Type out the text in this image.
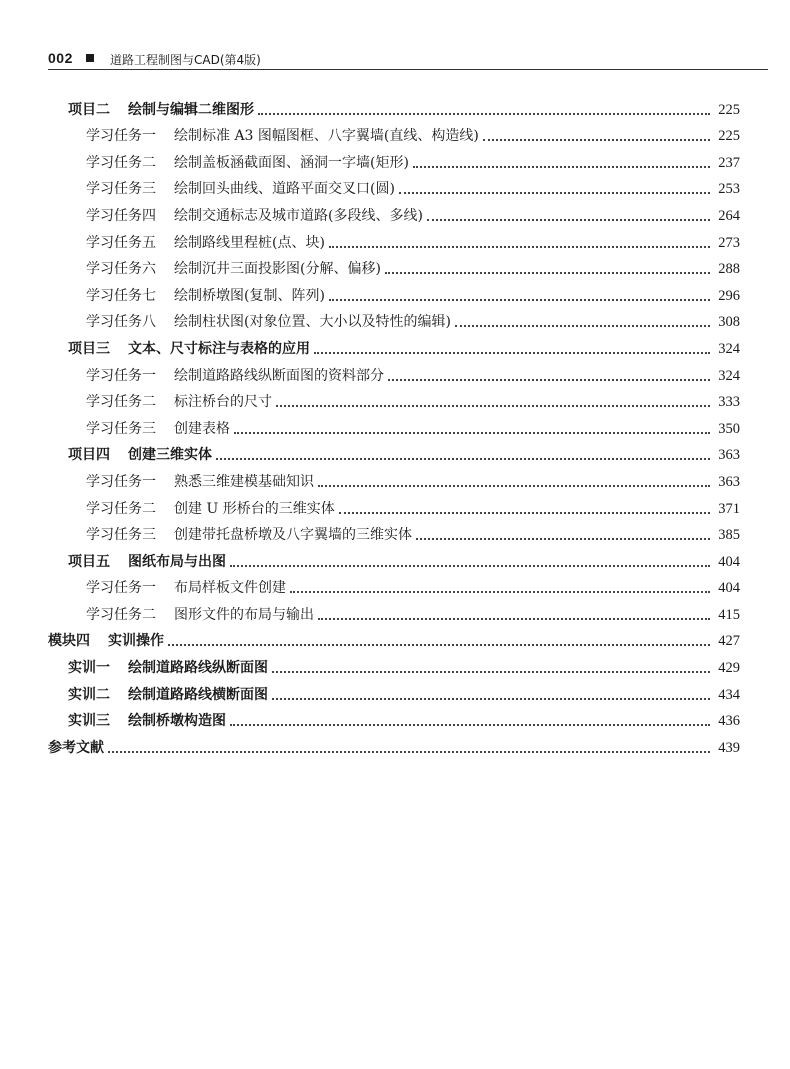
002	道路工程制图与CAD(第4版)
项目二	绘制与编辑二维图形	225
学习任务一	绘制标准 A3 图幅图框、八字翼墙(直线、构造线)	225
学习任务二	绘制盖板涵截面图、涵洞一字墙(矩形)	237
学习任务三	绘制回头曲线、道路平面交叉口(圆)	253
学习任务四	绘制交通标志及城市道路(多段线、多线)	264
学习任务五	绘制路线里程桩(点、块)	273
学习任务六	绘制沉井三面投影图(分解、偏移)	288
学习任务七	绘制桥墩图(复制、阵列)	296
学习任务八	绘制柱状图(对象位置、大小以及特性的编辑)	308
项目三	文本、尺寸标注与表格的应用	324
学习任务一	绘制道路路线纵断面图的资料部分	324
学习任务二	标注桥台的尺寸	333
学习任务三	创建表格	350
项目四	创建三维实体	363
学习任务一	熟悉三维建模基础知识	363
学习任务二	创建 U 形桥台的三维实体	371
学习任务三	创建带托盘桥墩及八字翼墙的三维实体	385
项目五	图纸布局与出图	404
学习任务一	布局样板文件创建	404
学习任务二	图形文件的布局与输出	415
模块四	实训操作	427
实训一	绘制道路路线纵断面图	429
实训二	绘制道路路线横断面图	434
实训三	绘制桥墩构造图	436
参考文献	439
